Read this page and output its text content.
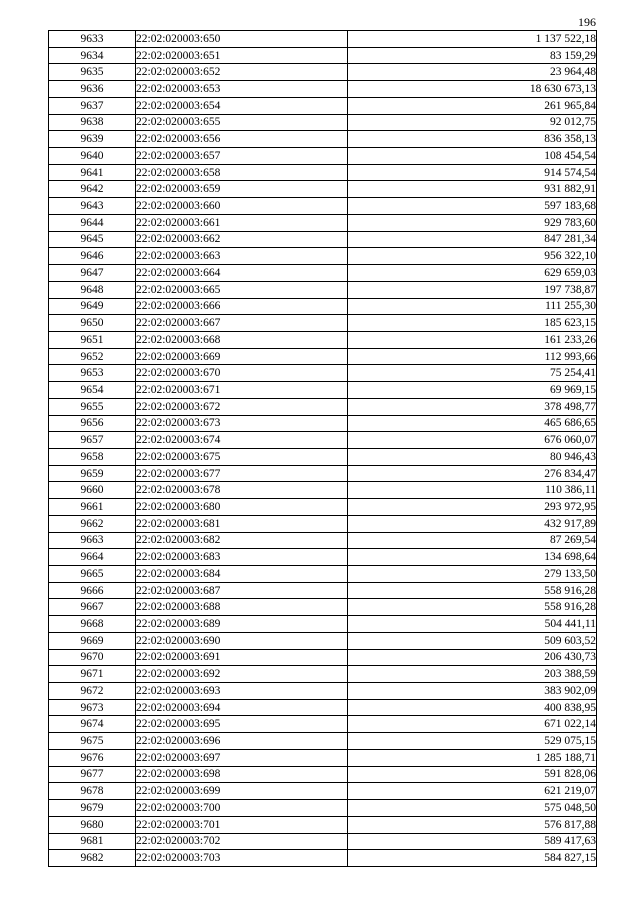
196
9633	22:02:020003:650	1 137 522,18
9634	22:02:020003:651	83 159,29
9635	22:02:020003:652	23 964,48
9636	22:02:020003:653	18 630 673,13
9637	22:02:020003:654	261 965,84
9638	22:02:020003:655	92 012,75
9639	22:02:020003:656	836 358,13
9640	22:02:020003:657	108 454,54
9641	22:02:020003:658	914 574,54
9642	22:02:020003:659	931 882,91
9643	22:02:020003:660	597 183,68
9644	22:02:020003:661	929 783,60
9645	22:02:020003:662	847 281,34
9646	22:02:020003:663	956 322,10
9647	22:02:020003:664	629 659,03
9648	22:02:020003:665	197 738,87
9649	22:02:020003:666	111 255,30
9650	22:02:020003:667	185 623,15
9651	22:02:020003:668	161 233,26
9652	22:02:020003:669	112 993,66
9653	22:02:020003:670	75 254,41
9654	22:02:020003:671	69 969,15
9655	22:02:020003:672	378 498,77
9656	22:02:020003:673	465 686,65
9657	22:02:020003:674	676 060,07
9658	22:02:020003:675	80 946,43
9659	22:02:020003:677	276 834,47
9660	22:02:020003:678	110 386,11
9661	22:02:020003:680	293 972,95
9662	22:02:020003:681	432 917,89
9663	22:02:020003:682	87 269,54
9664	22:02:020003:683	134 698,64
9665	22:02:020003:684	279 133,50
9666	22:02:020003:687	558 916,28
9667	22:02:020003:688	558 916,28
9668	22:02:020003:689	504 441,11
9669	22:02:020003:690	509 603,52
9670	22:02:020003:691	206 430,73
9671	22:02:020003:692	203 388,59
9672	22:02:020003:693	383 902,09
9673	22:02:020003:694	400 838,95
9674	22:02:020003:695	671 022,14
9675	22:02:020003:696	529 075,15
9676	22:02:020003:697	1 285 188,71
9677	22:02:020003:698	591 828,06
9678	22:02:020003:699	621 219,07
9679	22:02:020003:700	575 048,50
9680	22:02:020003:701	576 817,88
9681	22:02:020003:702	589 417,63
9682	22:02:020003:703	584 827,15
